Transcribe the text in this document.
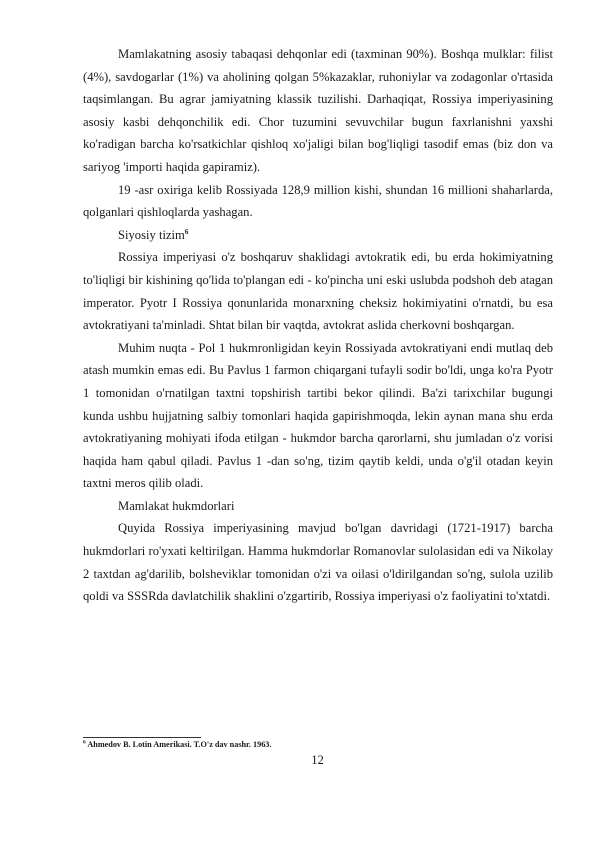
Mamlakatning asosiy tabaqasi dehqonlar edi (taxminan 90%). Boshqa mulklar: filist (4%), savdogarlar (1%) va aholining qolgan 5%kazaklar, ruhoniylar va zodagonlar o'rtasida taqsimlangan. Bu agrar jamiyatning klassik tuzilishi. Darhaqiqat, Rossiya imperiyasining asosiy kasbi dehqonchilik edi. Chor tuzumini sevuvchilar bugun faxrlanishni yaxshi ko'radigan barcha ko'rsatkichlar qishloq xo'jaligi bilan bog'liqligi tasodif emas (biz don va sariyog 'importi haqida gapiramiz).

19 -asr oxiriga kelib Rossiyada 128,9 million kishi, shundan 16 millioni shaharlarda, qolganlari qishloqlarda yashagan.

Siyosiy tizim$^6$

Rossiya imperiyasi o'z boshqaruv shaklidagi avtokratik edi, bu erda hokimiyatning to'liqligi bir kishining qo'lida to'plangan edi - ko'pincha uni eski uslubda podshoh deb atagan imperator. Pyotr I Rossiya qonunlarida monarxning cheksiz hokimiyatini o'rnatdi, bu esa avtokratiyani ta'minladi. Shtat bilan bir vaqtda, avtokrat aslida cherkovni boshqargan.

Muhim nuqta - Pol 1 hukmronligidan keyin Rossiyada avtokratiyani endi mutlaq deb atash mumkin emas edi. Bu Pavlus 1 farmon chiqargani tufayli sodir bo'ldi, unga ko'ra Pyotr 1 tomonidan o'rnatilgan taxtni topshirish tartibi bekor qilindi. Ba'zi tarixchilar bugungi kunda ushbu hujjatning salbiy tomonlari haqida gapirishmoqda, lekin aynan mana shu erda avtokratiyaning mohiyati ifoda etilgan - hukmdor barcha qarorlarni, shu jumladan o'z vorisi haqida ham qabul qiladi. Pavlus 1 -dan so'ng, tizim qaytib keldi, unda o'g'il otadan keyin taxtni meros qilib oladi.

Mamlakat hukmdorlari

Quyida Rossiya imperiyasining mavjud bo'lgan davridagi (1721-1917) barcha hukmdorlari ro'yxati keltirilgan. Hamma hukmdorlar Romanovlar sulolasidan edi va Nikolay 2 taxtdan ag'darilib, bolsheviklar tomonidan o'zi va oilasi o'ldirilgandan so'ng, sulola uzilib qoldi va SSSRda davlatchilik shaklini o'zgartirib, Rossiya imperiyasi o'z faoliyatini to'xtatdi.

$^6$ Ahmedov B. Lotin Amerikasi. T.O'z dav nashr. 1963.
12
